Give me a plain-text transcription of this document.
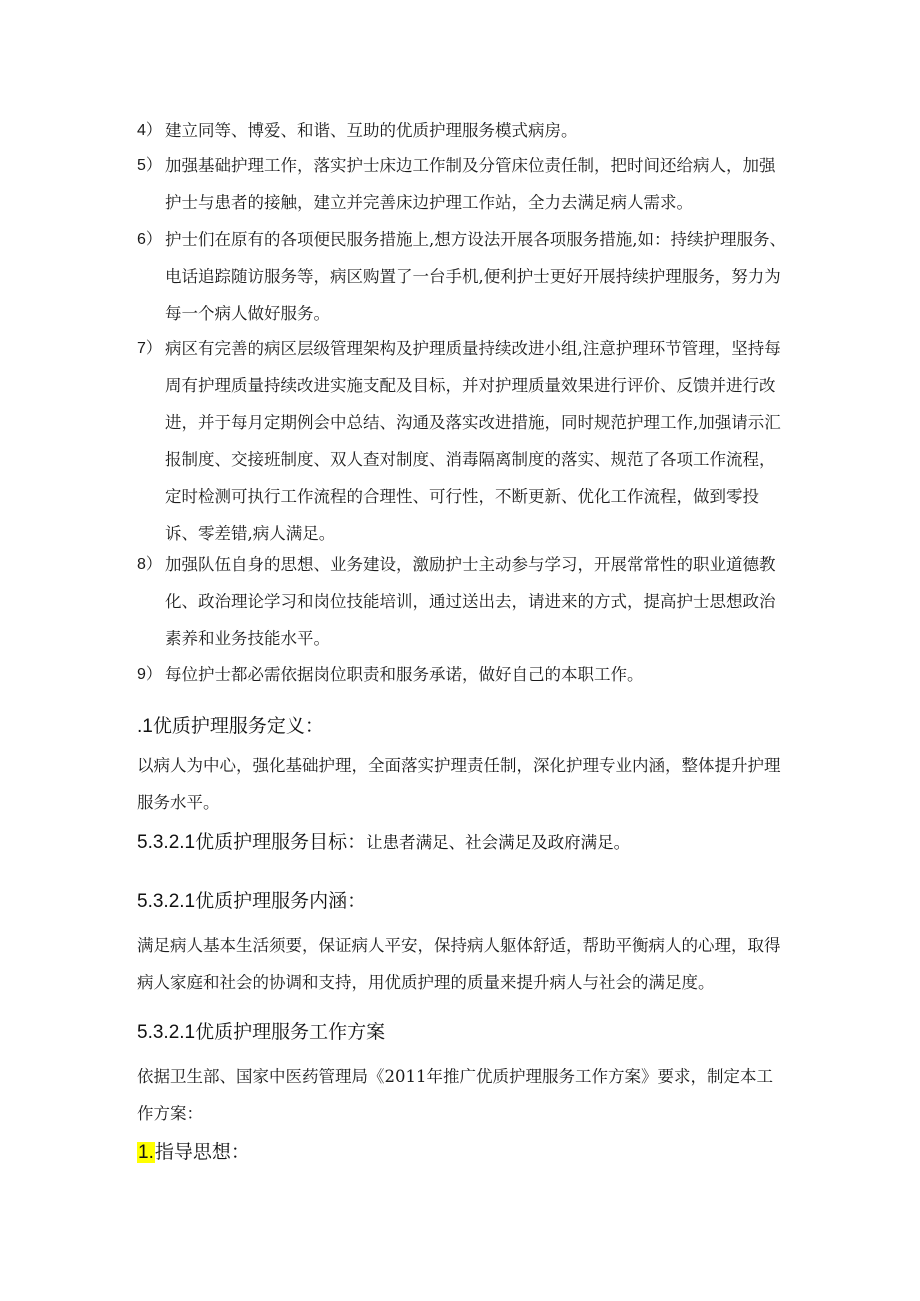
4） 建立同等、博爱、和谐、互助的优质护理服务模式病房。
5） 加强基础护理工作，落实护士床边工作制及分管床位责任制，把时间还给病人，加强护士与患者的接触，建立并完善床边护理工作站，全力去满足病人需求。
6） 护士们在原有的各项便民服务措施上,想方设法开展各项服务措施,如：持续护理服务、电话追踪随访服务等，病区购置了一台手机,便利护士更好开展持续护理服务，努力为每一个病人做好服务。
7） 病区有完善的病区层级管理架构及护理质量持续改进小组,注意护理环节管理，坚持每周有护理质量持续改进实施支配及目标，并对护理质量效果进行评价、反馈并进行改进，并于每月定期例会中总结、沟通及落实改进措施，同时规范护理工作,加强请示汇报制度、交接班制度、双人查对制度、消毒隔离制度的落实、规范了各项工作流程，定时检测可执行工作流程的合理性、可行性，不断更新、优化工作流程，做到零投诉、零差错,病人满足。
8） 加强队伍自身的思想、业务建设，激励护士主动参与学习，开展常常性的职业道德教化、政治理论学习和岗位技能培训，通过送出去，请进来的方式，提高护士思想政治素养和业务技能水平。
9） 每位护士都必需依据岗位职责和服务承诺，做好自己的本职工作。
.1优质护理服务定义：
以病人为中心，强化基础护理，全面落实护理责任制，深化护理专业内涵，整体提升护理服务水平。
5.3.2.1优质护理服务目标：让患者满足、社会满足及政府满足。
5.3.2.1优质护理服务内涵：
满足病人基本生活须要，保证病人平安，保持病人躯体舒适，帮助平衡病人的心理，取得病人家庭和社会的协调和支持，用优质护理的质量来提升病人与社会的满足度。
5.3.2.1优质护理服务工作方案
依据卫生部、国家中医药管理局《2011年推广优质护理服务工作方案》要求，制定本工作方案：
1.指导思想：
